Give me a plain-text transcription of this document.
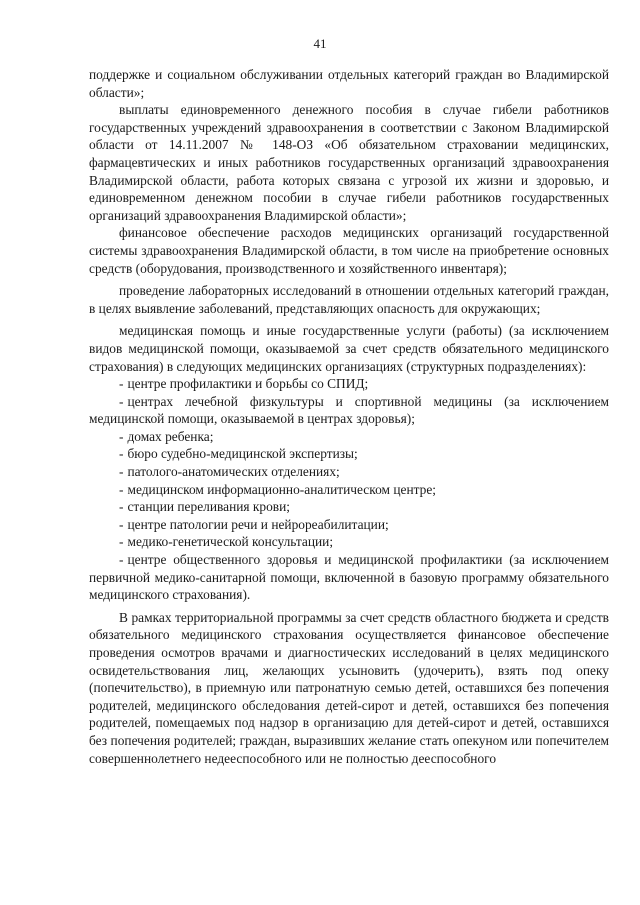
41

поддержке и социальном обслуживании отдельных категорий граждан во Владимирской области»;

выплаты единовременного денежного пособия в случае гибели работников государственных учреждений здравоохранения в соответствии с Законом Владимирской области от 14.11.2007 № 148-ОЗ «Об обязательном страховании медицинских, фармацевтических и иных работников государственных организаций здравоохранения Владимирской области, работа которых связана с угрозой их жизни и здоровью, и единовременном денежном пособии в случае гибели работников государственных организаций здравоохранения Владимирской области»;

финансовое обеспечение расходов медицинских организаций государственной системы здравоохранения Владимирской области, в том числе на приобретение основных средств (оборудования, производственного и хозяйственного инвентаря);

проведение лабораторных исследований в отношении отдельных категорий граждан, в целях выявление заболеваний, представляющих опасность для окружающих;

медицинская помощь и иные государственные услуги (работы) (за исключением видов медицинской помощи, оказываемой за счет средств обязательного медицинского страхования) в следующих медицинских организациях (структурных подразделениях):

- центре профилактики и борьбы со СПИД;

- центрах лечебной физкультуры и спортивной медицины (за исключением медицинской помощи, оказываемой в центрах здоровья);

- домах ребенка;

- бюро судебно-медицинской экспертизы;

- патолого-анатомических отделениях;

- медицинском информационно-аналитическом центре;

- станции переливания крови;

- центре патологии речи и нейрореабилитации;

- медико-генетической консультации;

- центре общественного здоровья и медицинской профилактики (за исключением первичной медико-санитарной помощи, включенной в базовую программу обязательного медицинского страхования).

В рамках территориальной программы за счет средств областного бюджета и средств обязательного медицинского страхования осуществляется финансовое обеспечение проведения осмотров врачами и диагностических исследований в целях медицинского освидетельствования лиц, желающих усыновить (удочерить), взять под опеку (попечительство), в приемную или патронатную семью детей, оставшихся без попечения родителей, медицинского обследования детей-сирот и детей, оставшихся без попечения родителей, помещаемых под надзор в организацию для детей-сирот и детей, оставшихся без попечения родителей; граждан, выразивших желание стать опекуном или попечителем совершеннолетнего недееспособного или не полностью дееспособного
